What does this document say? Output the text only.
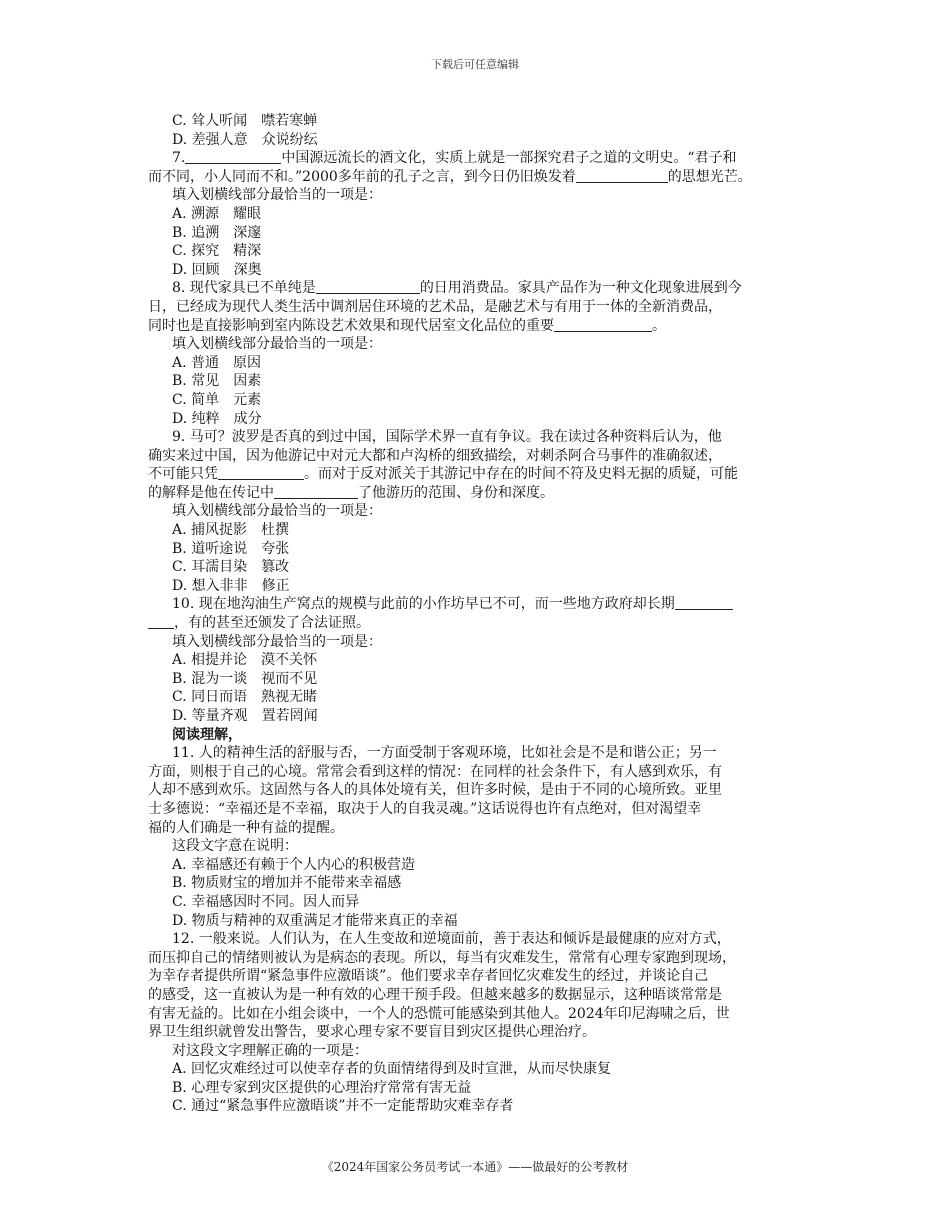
下载后可任意编辑
C. 耸人听闻　噤若寒蝉
D. 差强人意　众说纷纭
7.	中国源远流长的酒文化，实质上就是一部探究君子之道的文明史。“君子和
而不同，小人同而不和。”2000多年前的孔子之言，到今日仍旧焕发着	的思想光芒。
填入划横线部分最恰当的一项是：
A. 溯源　耀眼
B. 追溯　深邃
C. 探究　精深
D. 回顾　深奥
8. 现代家具已不单纯是	的日用消费品。家具产品作为一种文化现象进展到今
日，已经成为现代人类生活中调剂居住环境的艺术品，是融艺术与有用于一体的全新消费品，
同时也是直接影响到室内陈设艺术效果和现代居室文化品位的重要	。
填入划横线部分最恰当的一项是：
A. 普通　原因
B. 常见　因素
C. 简单　元素
D. 纯粹　成分
9. 马可？波罗是否真的到过中国，国际学术界一直有争议。我在读过各种资料后认为，他
确实来过中国，因为他游记中对元大都和卢沟桥的细致描绘，对刺杀阿合马事件的准确叙述，
不可能只凭	。而对于反对派关于其游记中存在的时间不符及史料无据的质疑，可能
的解释是他在传记中	了他游历的范围、身份和深度。
填入划横线部分最恰当的一项是：
A. 捕风捉影　杜撰
B. 道听途说　夸张
C. 耳濡目染　篡改
D. 想入非非　修正
10. 现在地沟油生产窝点的规模与此前的小作坊早已不可，而一些地方政府却长期
，有的甚至还颁发了合法证照。
填入划横线部分最恰当的一项是：
A. 相提并论　漠不关怀
B. 混为一谈　视而不见
C. 同日而语　熟视无睹
D. 等量齐观　置若罔闻
阅读理解，
11. 人的精神生活的舒服与否，一方面受制于客观环境，比如社会是不是和谐公正；另一
方面，则根于自己的心境。常常会看到这样的情况：在同样的社会条件下，有人感到欢乐，有
人却不感到欢乐。这固然与各人的具体处境有关，但许多时候，是由于不同的心境所致。亚里
士多德说：“幸福还是不幸福，取决于人的自我灵魂。”这话说得也许有点绝对，但对渴望幸
福的人们确是一种有益的提醒。
这段文字意在说明：
A. 幸福感还有赖于个人内心的积极营造
B. 物质财宝的增加并不能带来幸福感
C. 幸福感因时不同。因人而异
D. 物质与精神的双重满足才能带来真正的幸福
12. 一般来说。人们认为，在人生变故和逆境面前，善于表达和倾诉是最健康的应对方式，
而压抑自己的情绪则被认为是病态的表现。所以，每当有灾难发生，常常有心理专家跑到现场，
为幸存者提供所谓“紧急事件应激晤谈”。他们要求幸存者回忆灾难发生的经过，并谈论自己
的感受，这一直被认为是一种有效的心理干预手段。但越来越多的数据显示，这种晤谈常常是
有害无益的。比如在小组会谈中，一个人的恐慌可能感染到其他人。2024年印尼海啸之后，世
界卫生组织就曾发出警告，要求心理专家不要盲目到灾区提供心理治疗。
对这段文字理解正确的一项是：
A. 回忆灾难经过可以使幸存者的负面情绪得到及时宣泄，从而尽快康复
B. 心理专家到灾区提供的心理治疗常常有害无益
C. 通过“紧急事件应激晤谈”并不一定能帮助灾难幸存者
《2024年国家公务员考试一本通》——做最好的公考教材
